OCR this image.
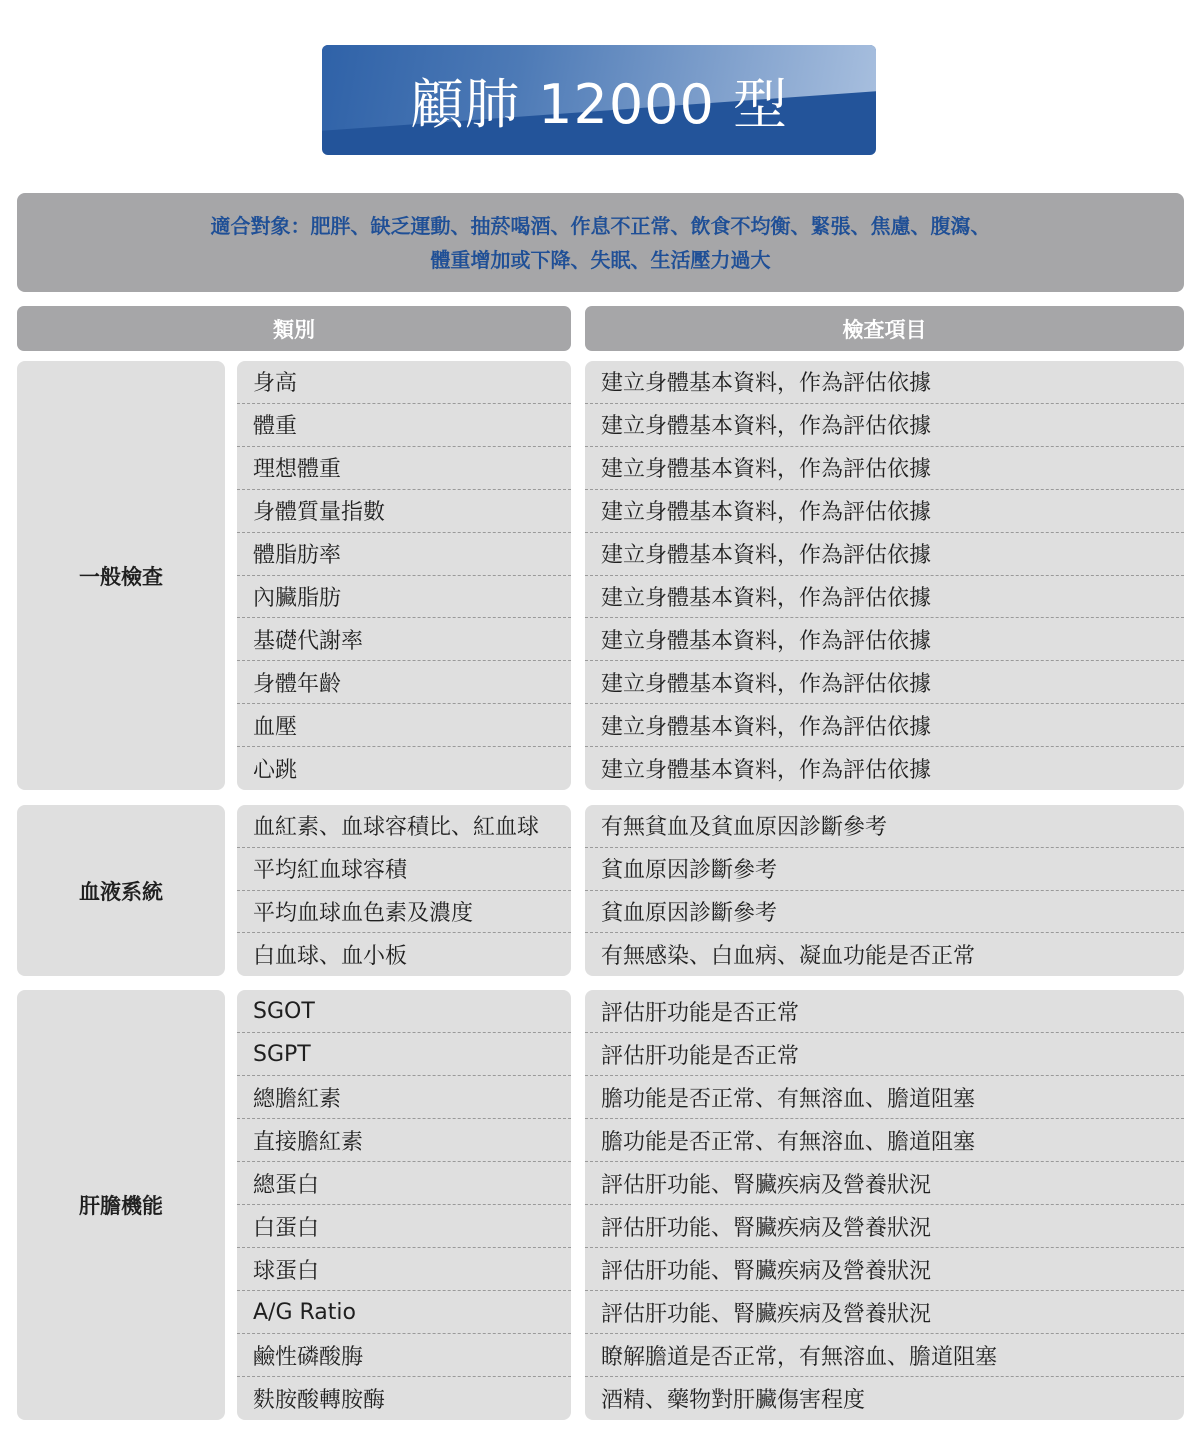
顧肺 12000 型
適合對象：肥胖、缺乏運動、抽菸喝酒、作息不正常、飲食不均衡、緊張、焦慮、腹瀉、
體重增加或下降、失眠、生活壓力過大
類別	檢查項目
一般檢查
身高
體重
理想體重
身體質量指數
體脂肪率
內臟脂肪
基礎代謝率
身體年齡
血壓
心跳
建立身體基本資料，作為評估依據
建立身體基本資料，作為評估依據
建立身體基本資料，作為評估依據
建立身體基本資料，作為評估依據
建立身體基本資料，作為評估依據
建立身體基本資料，作為評估依據
建立身體基本資料，作為評估依據
建立身體基本資料，作為評估依據
建立身體基本資料，作為評估依據
建立身體基本資料，作為評估依據
血液系統
血紅素、血球容積比、紅血球
平均紅血球容積
平均血球血色素及濃度
白血球、血小板
有無貧血及貧血原因診斷參考
貧血原因診斷參考
貧血原因診斷參考
有無感染、白血病、凝血功能是否正常
肝膽機能
SGOT
SGPT
總膽紅素
直接膽紅素
總蛋白
白蛋白
球蛋白
A/G Ratio
鹼性磷酸脢
麩胺酸轉胺酶
評估肝功能是否正常
評估肝功能是否正常
膽功能是否正常、有無溶血、膽道阻塞
膽功能是否正常、有無溶血、膽道阻塞
評估肝功能、腎臟疾病及營養狀況
評估肝功能、腎臟疾病及營養狀況
評估肝功能、腎臟疾病及營養狀況
評估肝功能、腎臟疾病及營養狀況
瞭解膽道是否正常，有無溶血、膽道阻塞
酒精、藥物對肝臟傷害程度
